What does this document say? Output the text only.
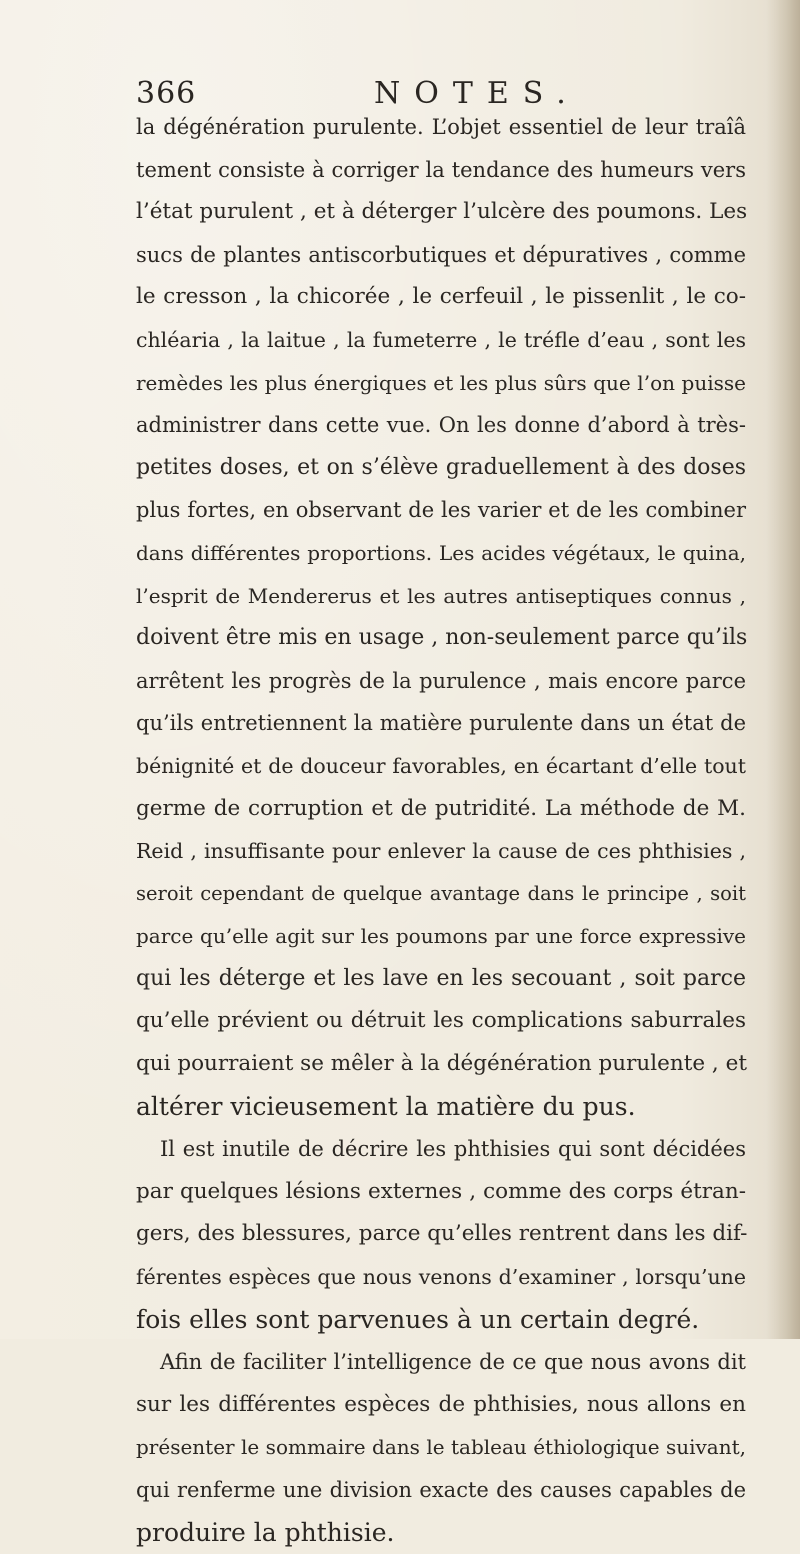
366	NOTES.
la dégénération purulente. L’objet essentiel de leur traîâ
tement consiste à corriger la tendance des humeurs vers
l’état purulent , et à déterger l’ulcère des poumons. Les
sucs de plantes antiscorbutiques et dépuratives , comme
le cresson , la chicorée , le cerfeuil , le pissenlit , le co-
chléaria , la laitue , la fumeterre , le tréfle d’eau , sont les
remèdes les plus énergiques et les plus sûrs que l’on puisse
administrer dans cette vue. On les donne d’abord à très-
petites doses, et on s’élève graduellement à des doses
plus fortes, en observant de les varier et de les combiner
dans différentes proportions. Les acides végétaux, le quina,
l’esprit de Mendererus et les autres antiseptiques connus ,
doivent être mis en usage , non-seulement parce qu’ils
arrêtent les progrès de la purulence , mais encore parce
qu’ils entretiennent la matière purulente dans un état de
bénignité et de douceur favorables, en écartant d’elle tout
germe de corruption et de putridité. La méthode de M.
Reid , insuffisante pour enlever la cause de ces phthisies ,
seroit cependant de quelque avantage dans le principe , soit
parce qu’elle agit sur les poumons par une force expressive
qui les déterge et les lave en les secouant , soit parce
qu’elle prévient ou détruit les complications saburrales
qui pourraient se mêler à la dégénération purulente , et
altérer vicieusement la matière du pus.
Il est inutile de décrire les phthisies qui sont décidées
par quelques lésions externes , comme des corps étran-
gers, des blessures, parce qu’elles rentrent dans les dif-
férentes espèces que nous venons d’examiner , lorsqu’une
fois elles sont parvenues à un certain degré.
Afin de faciliter l’intelligence de ce que nous avons dit
sur les différentes espèces de phthisies, nous allons en
présenter le sommaire dans le tableau éthiologique suivant,
qui renferme une division exacte des causes capables de
produire la phthisie.
